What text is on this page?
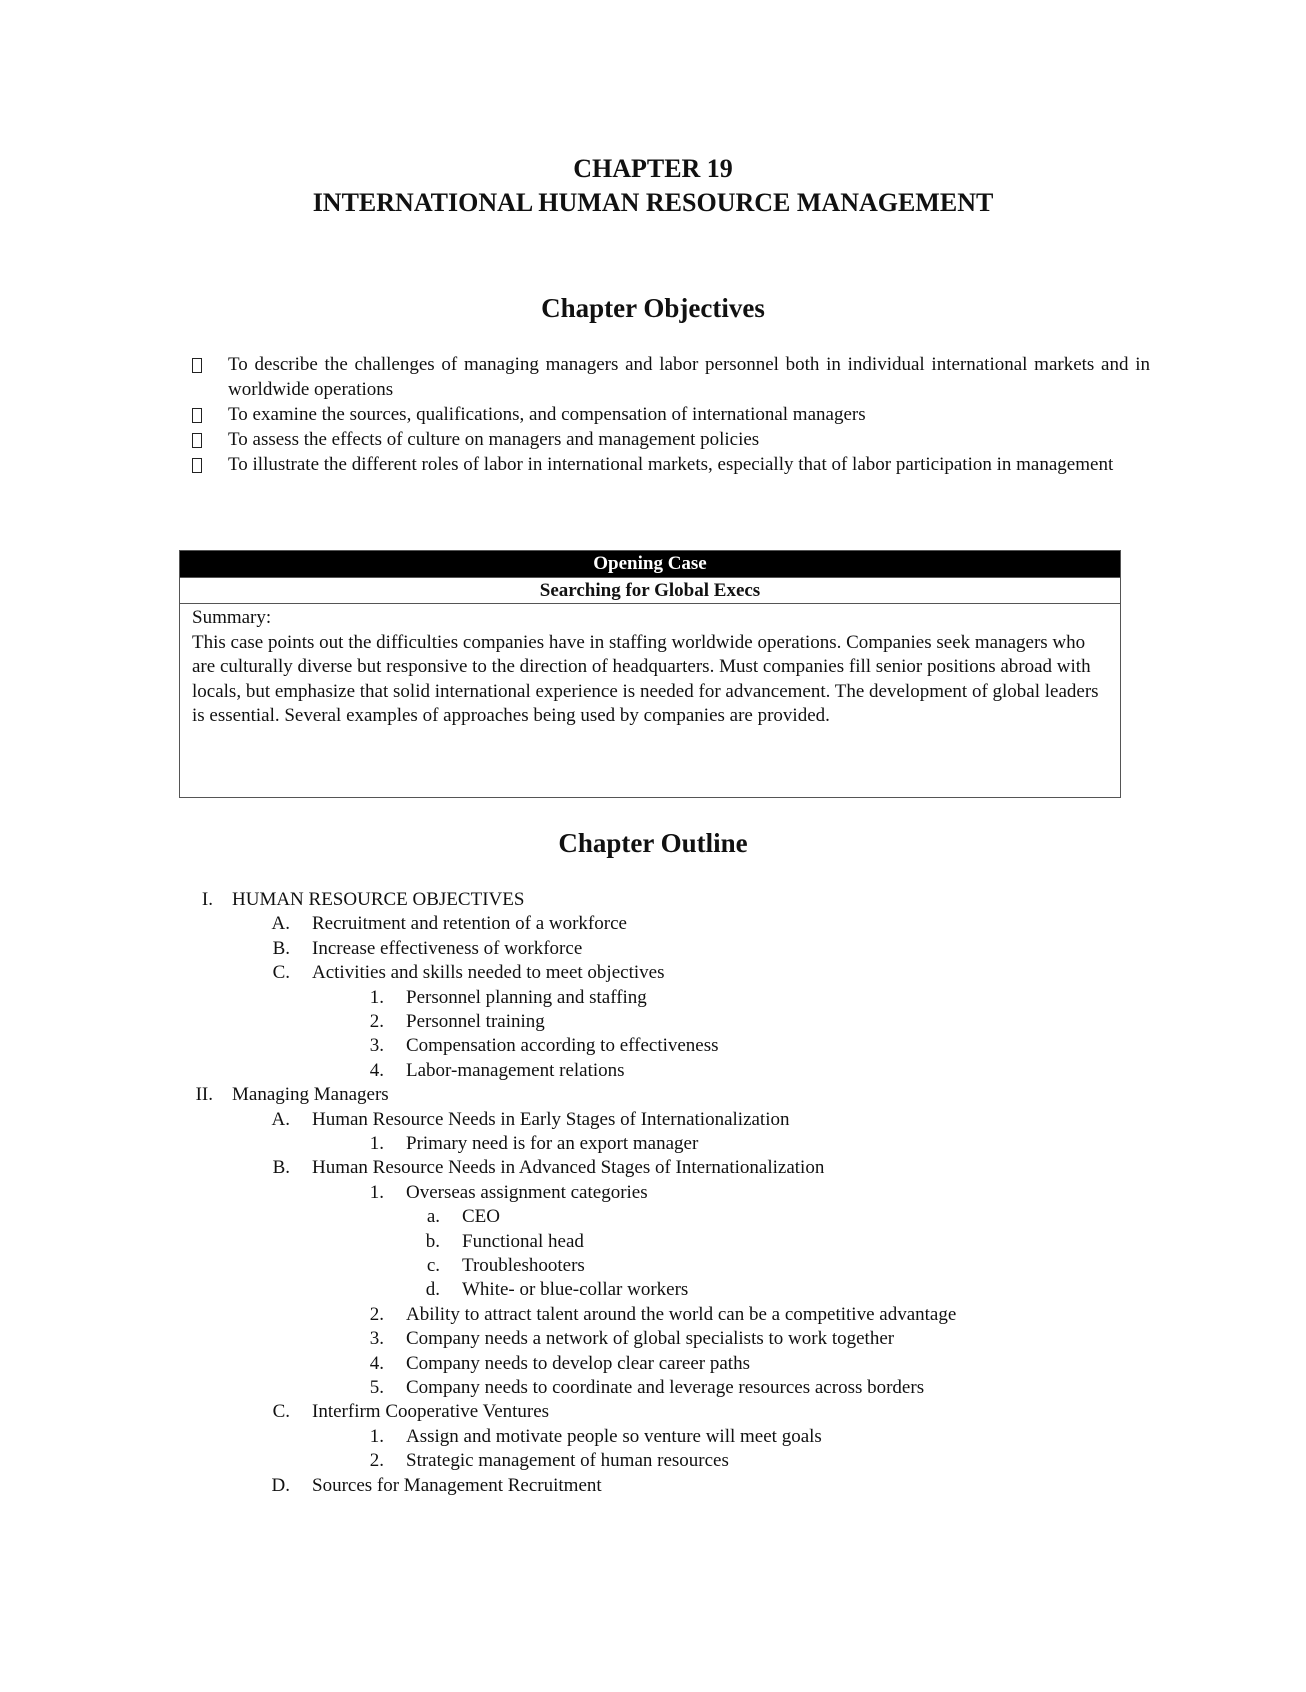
CHAPTER 19
INTERNATIONAL HUMAN RESOURCE MANAGEMENT
Chapter Objectives
To describe the challenges of managing managers and labor personnel both in individual international markets and in worldwide operations
To examine the sources, qualifications, and compensation of international managers
To assess the effects of culture on managers and management policies
To illustrate the different roles of labor in international markets, especially that of labor participation in management
Opening Case
Searching for Global Execs
Summary:
This case points out the difficulties companies have in staffing worldwide operations. Companies seek managers who are culturally diverse but responsive to the direction of headquarters. Must companies fill senior positions abroad with locals, but emphasize that solid international experience is needed for advancement. The development of global leaders is essential. Several examples of approaches being used by companies are provided.
Chapter Outline
I. HUMAN RESOURCE OBJECTIVES
A. Recruitment and retention of a workforce
B. Increase effectiveness of workforce
C. Activities and skills needed to meet objectives
1. Personnel planning and staffing
2. Personnel training
3. Compensation according to effectiveness
4. Labor-management relations
II. Managing Managers
A. Human Resource Needs in Early Stages of Internationalization
1. Primary need is for an export manager
B. Human Resource Needs in Advanced Stages of Internationalization
1. Overseas assignment categories
a. CEO
b. Functional head
c. Troubleshooters
d. White- or blue-collar workers
2. Ability to attract talent around the world can be a competitive advantage
3. Company needs a network of global specialists to work together
4. Company needs to develop clear career paths
5. Company needs to coordinate and leverage resources across borders
C. Interfirm Cooperative Ventures
1. Assign and motivate people so venture will meet goals
2. Strategic management of human resources
D. Sources for Management Recruitment
